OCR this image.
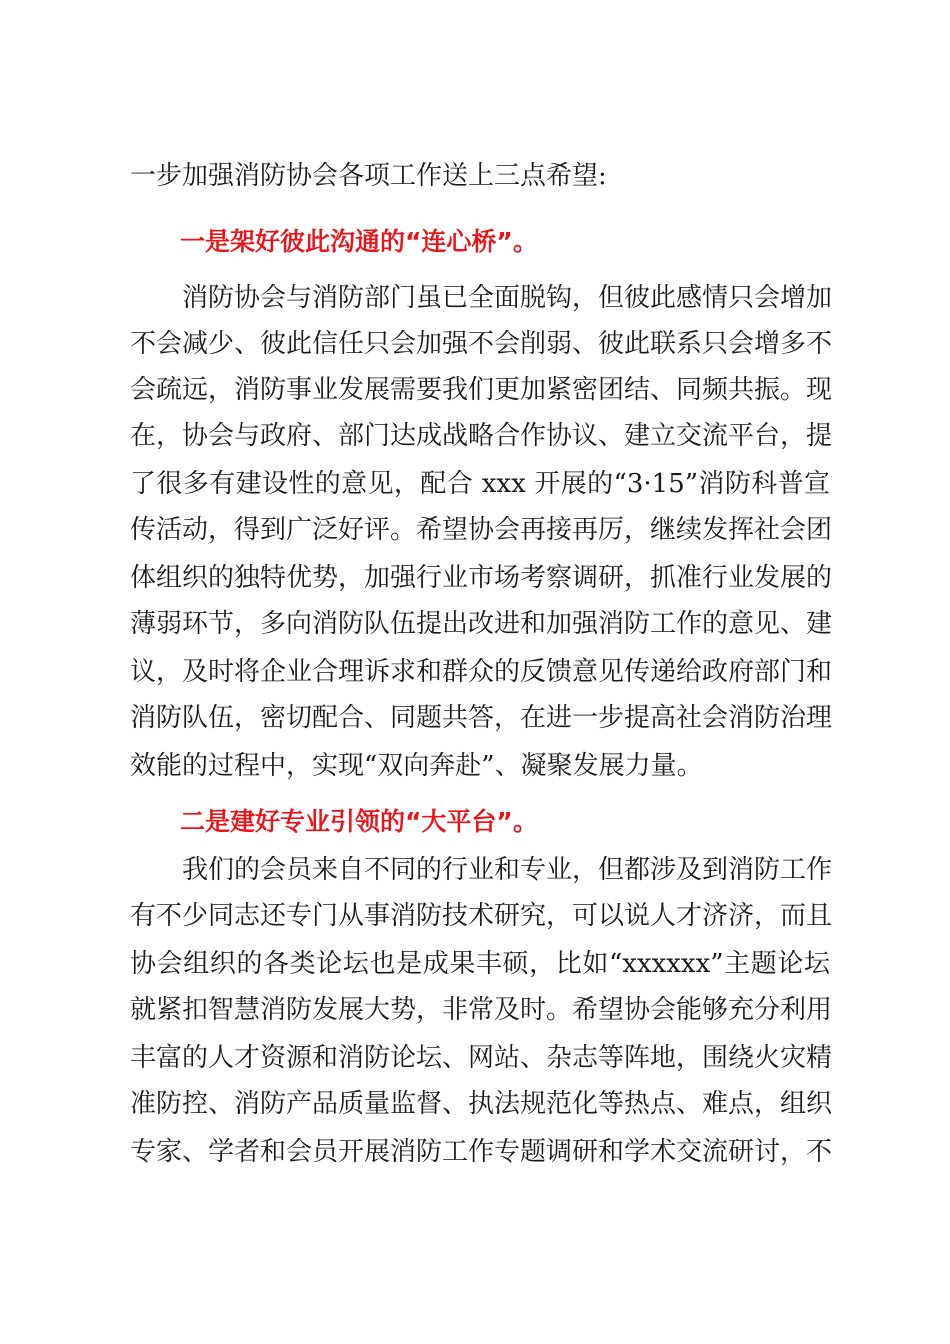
一步加强消防协会各项工作送上三点希望:
一是架好彼此沟通的“连心桥”。
消防协会与消防部门虽已全面脱钩，但彼此感情只会增加
不会减少、彼此信任只会加强不会削弱、彼此联系只会增多不
会疏远，消防事业发展需要我们更加紧密团结、同频共振。现
在，协会与政府、部门达成战略合作协议、建立交流平台，提
了很多有建设性的意见，配合 xxx 开展的“3·15”消防科普宣
传活动，得到广泛好评。希望协会再接再厉，继续发挥社会团
体组织的独特优势，加强行业市场考察调研，抓准行业发展的
薄弱环节，多向消防队伍提出改进和加强消防工作的意见、建
议，及时将企业合理诉求和群众的反馈意见传递给政府部门和
消防队伍，密切配合、同题共答，在进一步提高社会消防治理
效能的过程中，实现“双向奔赴”、凝聚发展力量。
二是建好专业引领的“大平台”。
我们的会员来自不同的行业和专业，但都涉及到消防工作
有不少同志还专门从事消防技术研究，可以说人才济济，而且
协会组织的各类论坛也是成果丰硕，比如“xxxxxx”主题论坛
就紧扣智慧消防发展大势，非常及时。希望协会能够充分利用
丰富的人才资源和消防论坛、网站、杂志等阵地，围绕火灾精
准防控、消防产品质量监督、执法规范化等热点、难点，组织
专家、学者和会员开展消防工作专题调研和学术交流研讨，不
